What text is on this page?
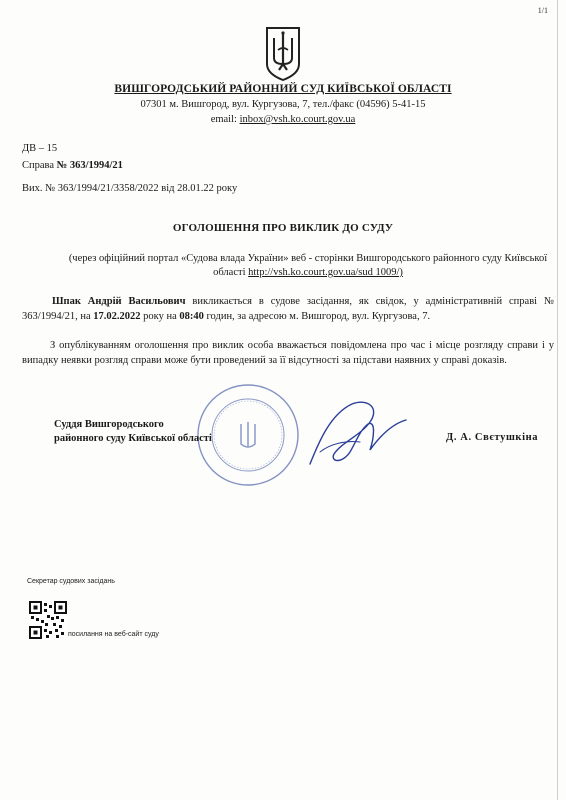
1/1
ВИШГОРОДСЬКИЙ РАЙОННИЙ СУД КИЇВСЬКОЇ ОБЛАСТІ
07301 м. Вишгород, вул. Кургузова, 7, тел./факс (04596) 5-41-15
email: inbox@vsh.ko.court.gov.ua
ДВ – 15
Справа № 363/1994/21
Вих. № 363/1994/21/3358/2022 від 28.01.22 року
ОГОЛОШЕННЯ ПРО ВИКЛИК ДО СУДУ
(через офіційний портал «Судова влада України» веб - сторінки Вишгородського районного суду Київської області http://vsh.ko.court.gov.ua/sud 1009/)
Шпак Андрій Васильович викликається в судове засідання, як свідок, у адміністративній справі № 363/1994/21, на 17.02.2022 року на 08:40 годин, за адресою м. Вишгород, вул. Кургузова, 7.
З опублікуванням оголошення про виклик особа вважається повідомлена про час і місце розгляду справи і у випадку неявки розгляд справи може бути проведений за її відсутності за підстави наявних у справі доказів.
Суддя Вишгородського
районного суду Київської області	Д. А. Свєтушкіна
Секретар судових засідань
посилання на веб-сайт суду
